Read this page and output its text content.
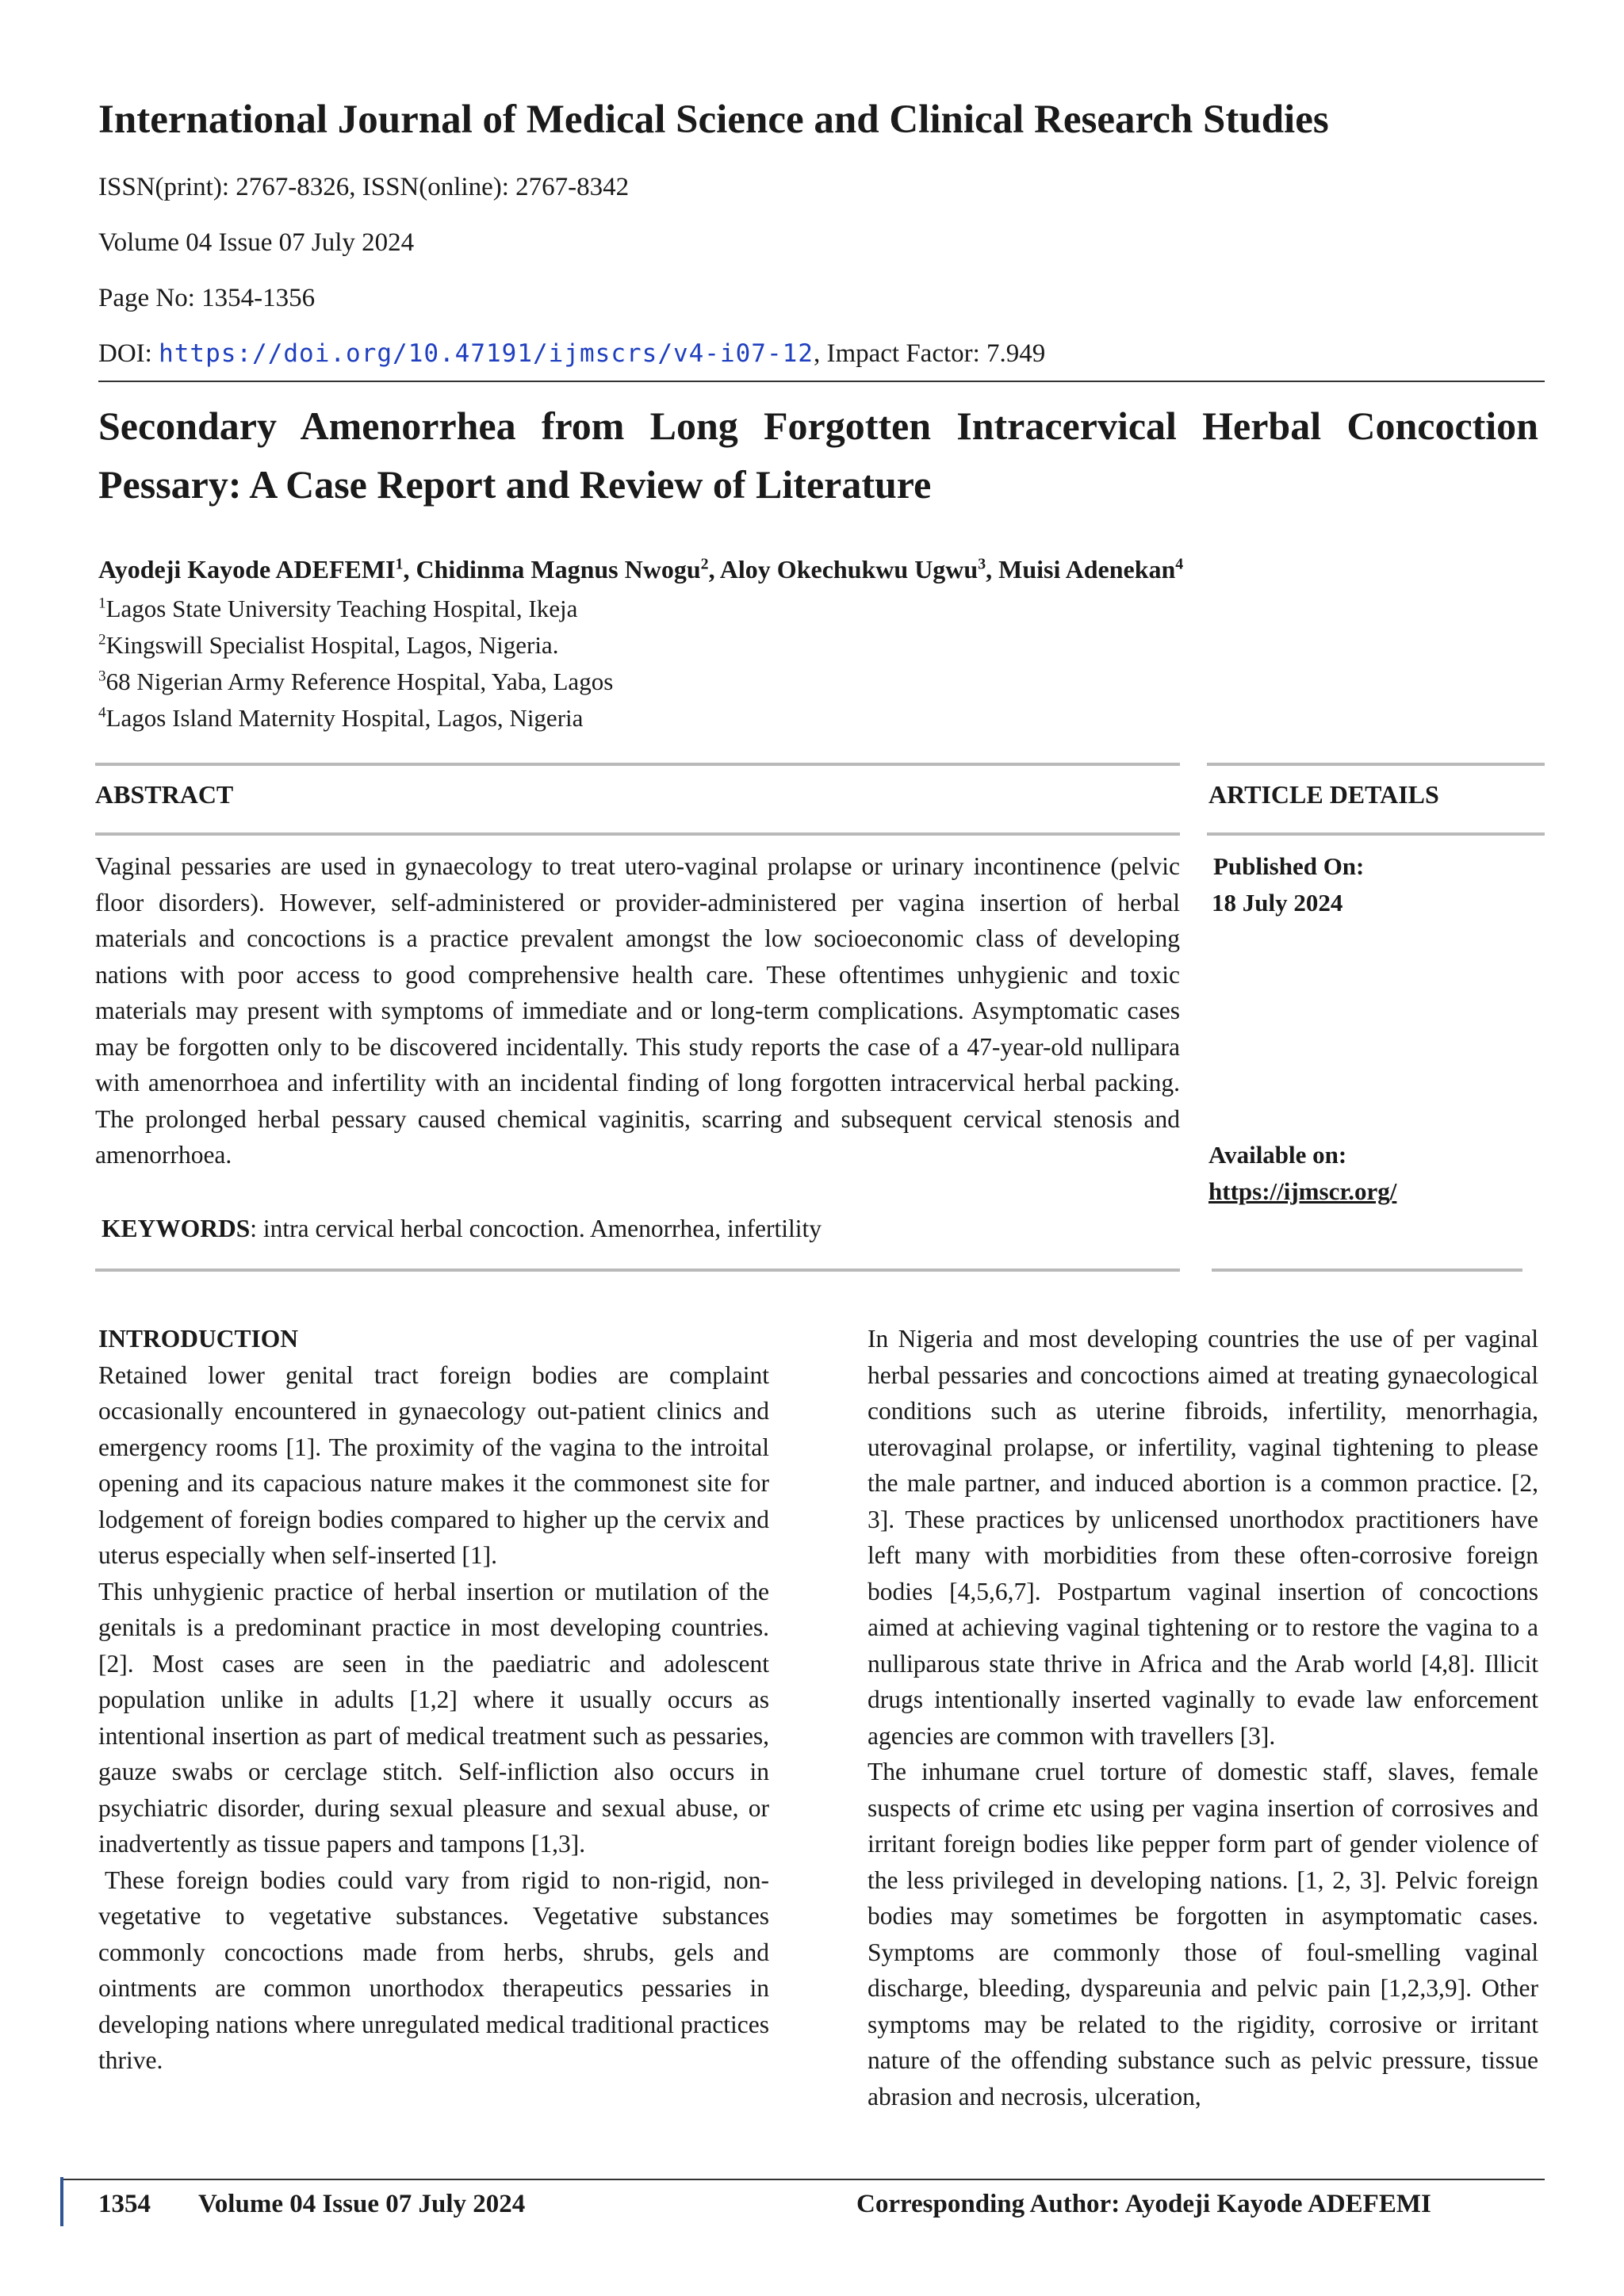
International Journal of Medical Science and Clinical Research Studies
ISSN(print): 2767-8326, ISSN(online): 2767-8342
Volume 04 Issue 07 July 2024
Page No: 1354-1356
DOI: https://doi.org/10.47191/ijmscrs/v4-i07-12, Impact Factor: 7.949
Secondary Amenorrhea from Long Forgotten Intracervical Herbal Concoction Pessary: A Case Report and Review of Literature
Ayodeji Kayode ADEFEMI$^1$, Chidinma Magnus Nwogu$^2$, Aloy Okechukwu Ugwu$^3$, Muisi Adenekan$^4$
$^1$Lagos State University Teaching Hospital, Ikeja
$^2$Kingswill Specialist Hospital, Lagos, Nigeria.
$^3$68 Nigerian Army Reference Hospital, Yaba, Lagos
$^4$Lagos Island Maternity Hospital, Lagos, Nigeria
ABSTRACT	ARTICLE DETAILS
Vaginal pessaries are used in gynaecology to treat utero-vaginal prolapse or urinary incontinence (pelvic floor disorders). However, self-administered or provider-administered per vagina insertion of herbal materials and concoctions is a practice prevalent amongst the low socioeconomic class of developing nations with poor access to good comprehensive health care. These oftentimes unhygienic and toxic materials may present with symptoms of immediate and or long-term complications. Asymptomatic cases may be forgotten only to be discovered incidentally. This study reports the case of a 47-year-old nullipara with amenorrhoea and infertility with an incidental finding of long forgotten intracervical herbal packing. The prolonged herbal pessary caused chemical vaginitis, scarring and subsequent cervical stenosis and amenorrhoea.
Published On:
18 July 2024
Available on:
https://ijmscr.org/
KEYWORDS: intra cervical herbal concoction. Amenorrhea, infertility

INTRODUCTION

Retained lower genital tract foreign bodies are complaint occasionally encountered in gynaecology out-patient clinics and emergency rooms [1]. The proximity of the vagina to the introital opening and its capacious nature makes it the commonest site for lodgement of foreign bodies compared to higher up the cervix and uterus especially when self-inserted [1].

This unhygienic practice of herbal insertion or mutilation of the genitals is a predominant practice in most developing countries. [2]. Most cases are seen in the paediatric and adolescent population unlike in adults [1,2] where it usually occurs as intentional insertion as part of medical treatment such as pessaries, gauze swabs or cerclage stitch. Self-infliction also occurs in psychiatric disorder, during sexual pleasure and sexual abuse, or inadvertently as tissue papers and tampons [1,3].

These foreign bodies could vary from rigid to non-rigid, non-vegetative to vegetative substances. Vegetative substances commonly concoctions made from herbs, shrubs, gels and ointments are common unorthodox therapeutics pessaries in developing nations where unregulated medical traditional practices thrive.

In Nigeria and most developing countries the use of per vaginal herbal pessaries and concoctions aimed at treating gynaecological conditions such as uterine fibroids, infertility, menorrhagia, uterovaginal prolapse, or infertility, vaginal tightening to please the male partner, and induced abortion is a common practice. [2, 3]. These practices by unlicensed unorthodox practitioners have left many with morbidities from these often-corrosive foreign bodies [4,5,6,7]. Postpartum vaginal insertion of concoctions aimed at achieving vaginal tightening or to restore the vagina to a nulliparous state thrive in Africa and the Arab world [4,8]. Illicit drugs intentionally inserted vaginally to evade law enforcement agencies are common with travellers [3].

The inhumane cruel torture of domestic staff, slaves, female suspects of crime etc using per vagina insertion of corrosives and irritant foreign bodies like pepper form part of gender violence of the less privileged in developing nations. [1, 2, 3]. Pelvic foreign bodies may sometimes be forgotten in asymptomatic cases. Symptoms are commonly those of foul-smelling vaginal discharge, bleeding, dyspareunia and pelvic pain [1,2,3,9]. Other symptoms may be related to the rigidity, corrosive or irritant nature of the offending substance such as pelvic pressure, tissue abrasion and necrosis, ulceration,

1354 Volume 04 Issue 07 July 2024	Corresponding Author: Ayodeji Kayode ADEFEMI
